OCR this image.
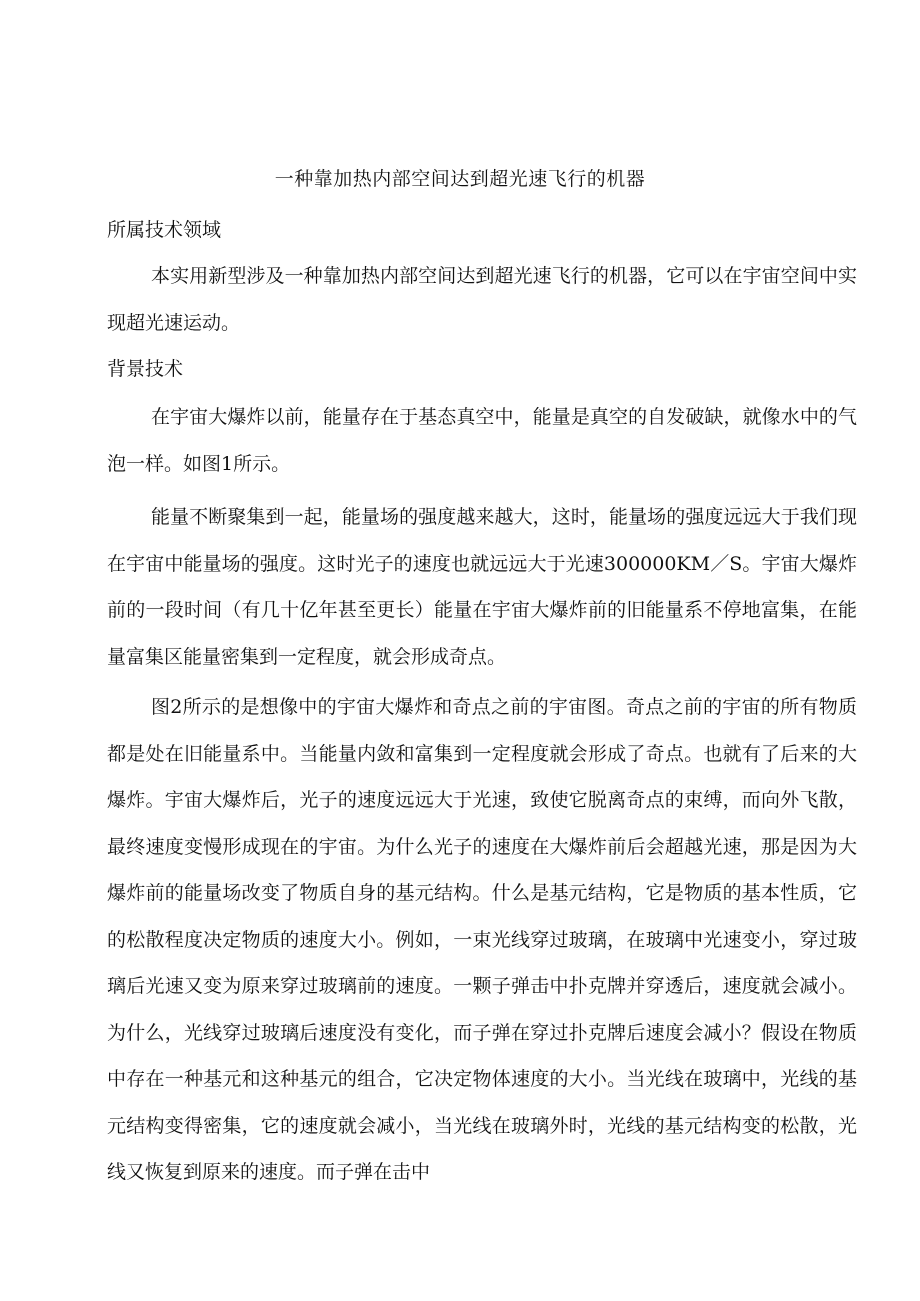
一种靠加热内部空间达到超光速飞行的机器
所属技术领域

本实用新型涉及一种靠加热内部空间达到超光速飞行的机器，它可以在宇宙空间中实现超光速运动。

背景技术

在宇宙大爆炸以前，能量存在于基态真空中，能量是真空的自发破缺，就像水中的气泡一样。如图1所示。

能量不断聚集到一起，能量场的强度越来越大，这时，能量场的强度远远大于我们现在宇宙中能量场的强度。这时光子的速度也就远远大于光速300000KM／S。宇宙大爆炸前的一段时间（有几十亿年甚至更长）能量在宇宙大爆炸前的旧能量系不停地富集，在能量富集区能量密集到一定程度，就会形成奇点。

图2所示的是想像中的宇宙大爆炸和奇点之前的宇宙图。奇点之前的宇宙的所有物质都是处在旧能量系中。当能量内敛和富集到一定程度就会形成了奇点。也就有了后来的大爆炸。宇宙大爆炸后，光子的速度远远大于光速，致使它脱离奇点的束缚，而向外飞散，最终速度变慢形成现在的宇宙。为什么光子的速度在大爆炸前后会超越光速，那是因为大爆炸前的能量场改变了物质自身的基元结构。什么是基元结构，它是物质的基本性质，它的松散程度决定物质的速度大小。例如，一束光线穿过玻璃，在玻璃中光速变小，穿过玻璃后光速又变为原来穿过玻璃前的速度。一颗子弹击中扑克牌并穿透后，速度就会减小。为什么，光线穿过玻璃后速度没有变化，而子弹在穿过扑克牌后速度会减小？假设在物质中存在一种基元和这种基元的组合，它决定物体速度的大小。当光线在玻璃中，光线的基元结构变得密集，它的速度就会减小，当光线在玻璃外时，光线的基元结构变的松散，光线又恢复到原来的速度。而子弹在击中
